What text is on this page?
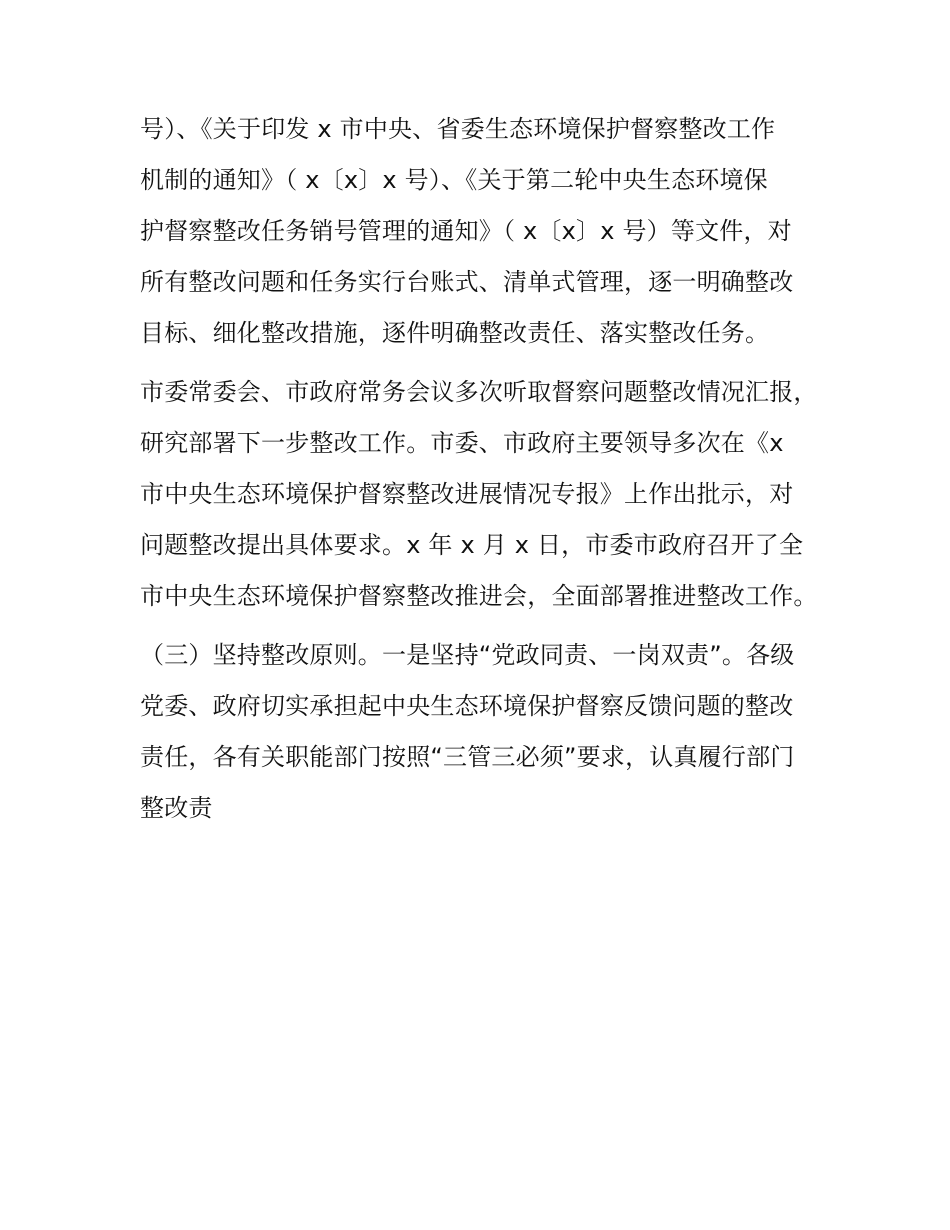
号）、《关于印发 x 市中央、省委生态环境保护督察整改工作
机制的通知》（ x〔x〕x 号）、《关于第二轮中央生态环境保
护督察整改任务销号管理的通知》（ x〔x〕x 号）等文件，对
所有整改问题和任务实行台账式、清单式管理，逐一明确整改
目标、细化整改措施，逐件明确整改责任、落实整改任务。

市委常委会、市政府常务会议多次听取督察问题整改情况汇报，
研究部署下一步整改工作。市委、市政府主要领导多次在《x
市中央生态环境保护督察整改进展情况专报》上作出批示，对
问题整改提出具体要求。x 年 x 月 x 日，市委市政府召开了全
市中央生态环境保护督察整改推进会，全面部署推进整改工作。

（三）坚持整改原则。一是坚持“党政同责、一岗双责”。各级
党委、政府切实承担起中央生态环境保护督察反馈问题的整改
责任，各有关职能部门按照“三管三必须”要求，认真履行部门
整改责
